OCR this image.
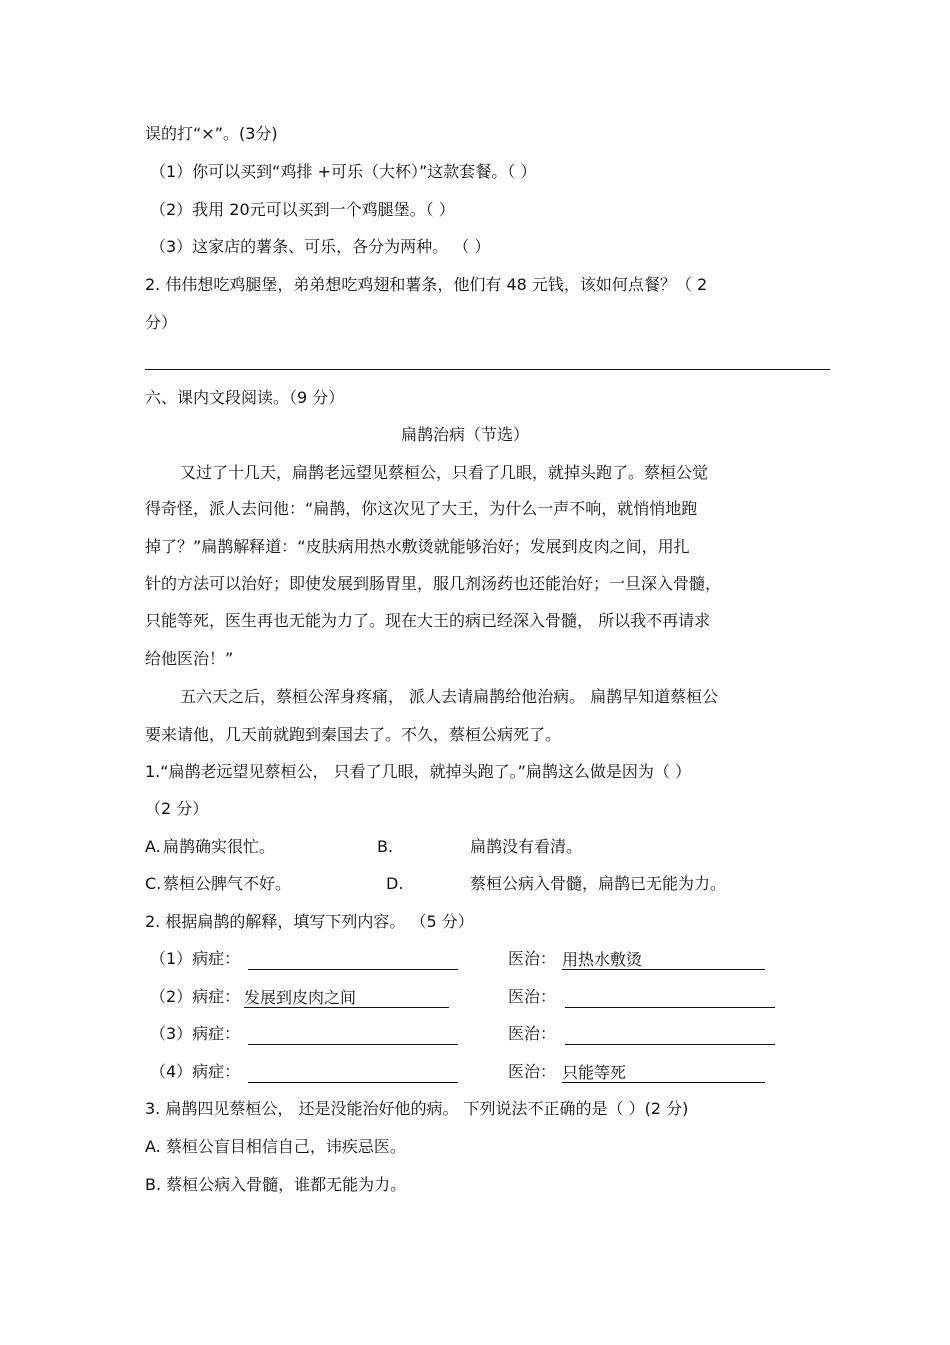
误的打“×”。(3分)
（1）你可以买到“鸡排 +可乐（大杯）”这款套餐。（ ）
（2）我用 20元可以买到一个鸡腿堡。（ ）
（3）这家店的薯条、可乐，各分为两种。 （ ）
2. 伟伟想吃鸡腿堡，弟弟想吃鸡翅和薯条，他们有 48 元钱，该如何点餐？（ 2
分）
六、课内文段阅读。（9 分）
扁鹊治病（节选）
又过了十几天，扁鹊老远望见蔡桓公，只看了几眼，就掉头跑了。蔡桓公觉
得奇怪，派人去问他：“扁鹊，你这次见了大王，为什么一声不响，就悄悄地跑
掉了？”扁鹊解释道：“皮肤病用热水敷烫就能够治好；发展到皮肉之间，用扎
针的方法可以治好；即使发展到肠胃里，服几剂汤药也还能治好；一旦深入骨髓，
只能等死，医生再也无能为力了。现在大王的病已经深入骨髓， 所以我不再请求
给他医治！”
五六天之后，蔡桓公浑身疼痛， 派人去请扁鹊给他治病。 扁鹊早知道蔡桓公
要来请他，几天前就跑到秦国去了。不久，蔡桓公病死了。
1.“扁鹊老远望见蔡桓公， 只看了几眼，就掉头跑了。”扁鹊这么做是因为（ ）
（2 分）
A. 扁鹊确实很忙。	B.	扁鹊没有看清。
C. 蔡桓公脾气不好。	D.	蔡桓公病入骨髓，扁鹊已无能为力。
2. 根据扁鹊的解释，填写下列内容。 （5 分）
（1）病症：	医治： 用热水敷烫
（2）病症： 发展到皮肉之间	医治：
（3）病症：	医治：
（4）病症：	医治： 只能等死
3. 扁鹊四见蔡桓公， 还是没能治好他的病。 下列说法不正确的是（ ）(2 分)
A. 蔡桓公盲目相信自己，讳疾忌医。
B. 蔡桓公病入骨髓，谁都无能为力。
